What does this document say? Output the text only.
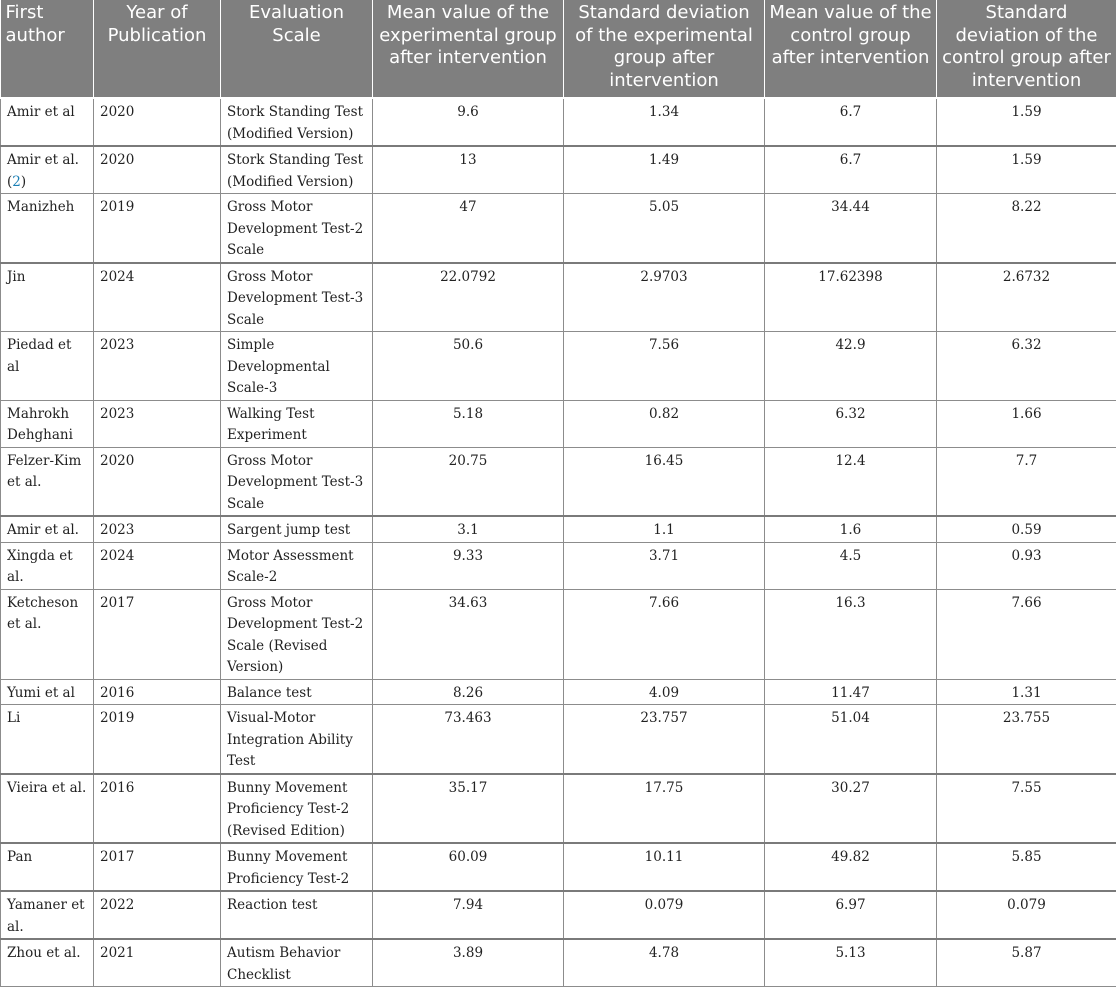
First author	Year of Publication	Evaluation Scale	Mean value of the experimental group after intervention	Standard deviation of the experimental group after intervention	Mean value of the control group after intervention	Standard deviation of the control group after intervention
Amir et al	2020	Stork Standing Test (Modified Version)	9.6	1.34	6.7	1.59
Amir et al. (2)	2020	Stork Standing Test (Modified Version)	13	1.49	6.7	1.59
Manizheh	2019	Gross Motor Development Test-2 Scale	47	5.05	34.44	8.22
Jin	2024	Gross Motor Development Test-3 Scale	22.0792	2.9703	17.62398	2.6732
Piedad et al	2023	Simple Developmental Scale-3	50.6	7.56	42.9	6.32
Mahrokh Dehghani	2023	Walking Test Experiment	5.18	0.82	6.32	1.66
Felzer-Kim et al.	2020	Gross Motor Development Test-3 Scale	20.75	16.45	12.4	7.7
Amir et al.	2023	Sargent jump test	3.1	1.1	1.6	0.59
Xingda et al.	2024	Motor Assessment Scale-2	9.33	3.71	4.5	0.93
Ketcheson et al.	2017	Gross Motor Development Test-2 Scale (Revised Version)	34.63	7.66	16.3	7.66
Yumi et al	2016	Balance test	8.26	4.09	11.47	1.31
Li	2019	Visual-Motor Integration Ability Test	73.463	23.757	51.04	23.755
Vieira et al.	2016	Bunny Movement Proficiency Test-2 (Revised Edition)	35.17	17.75	30.27	7.55
Pan	2017	Bunny Movement Proficiency Test-2	60.09	10.11	49.82	5.85
Yamaner et al.	2022	Reaction test	7.94	0.079	6.97	0.079
Zhou et al.	2021	Autism Behavior Checklist	3.89	4.78	5.13	5.87
